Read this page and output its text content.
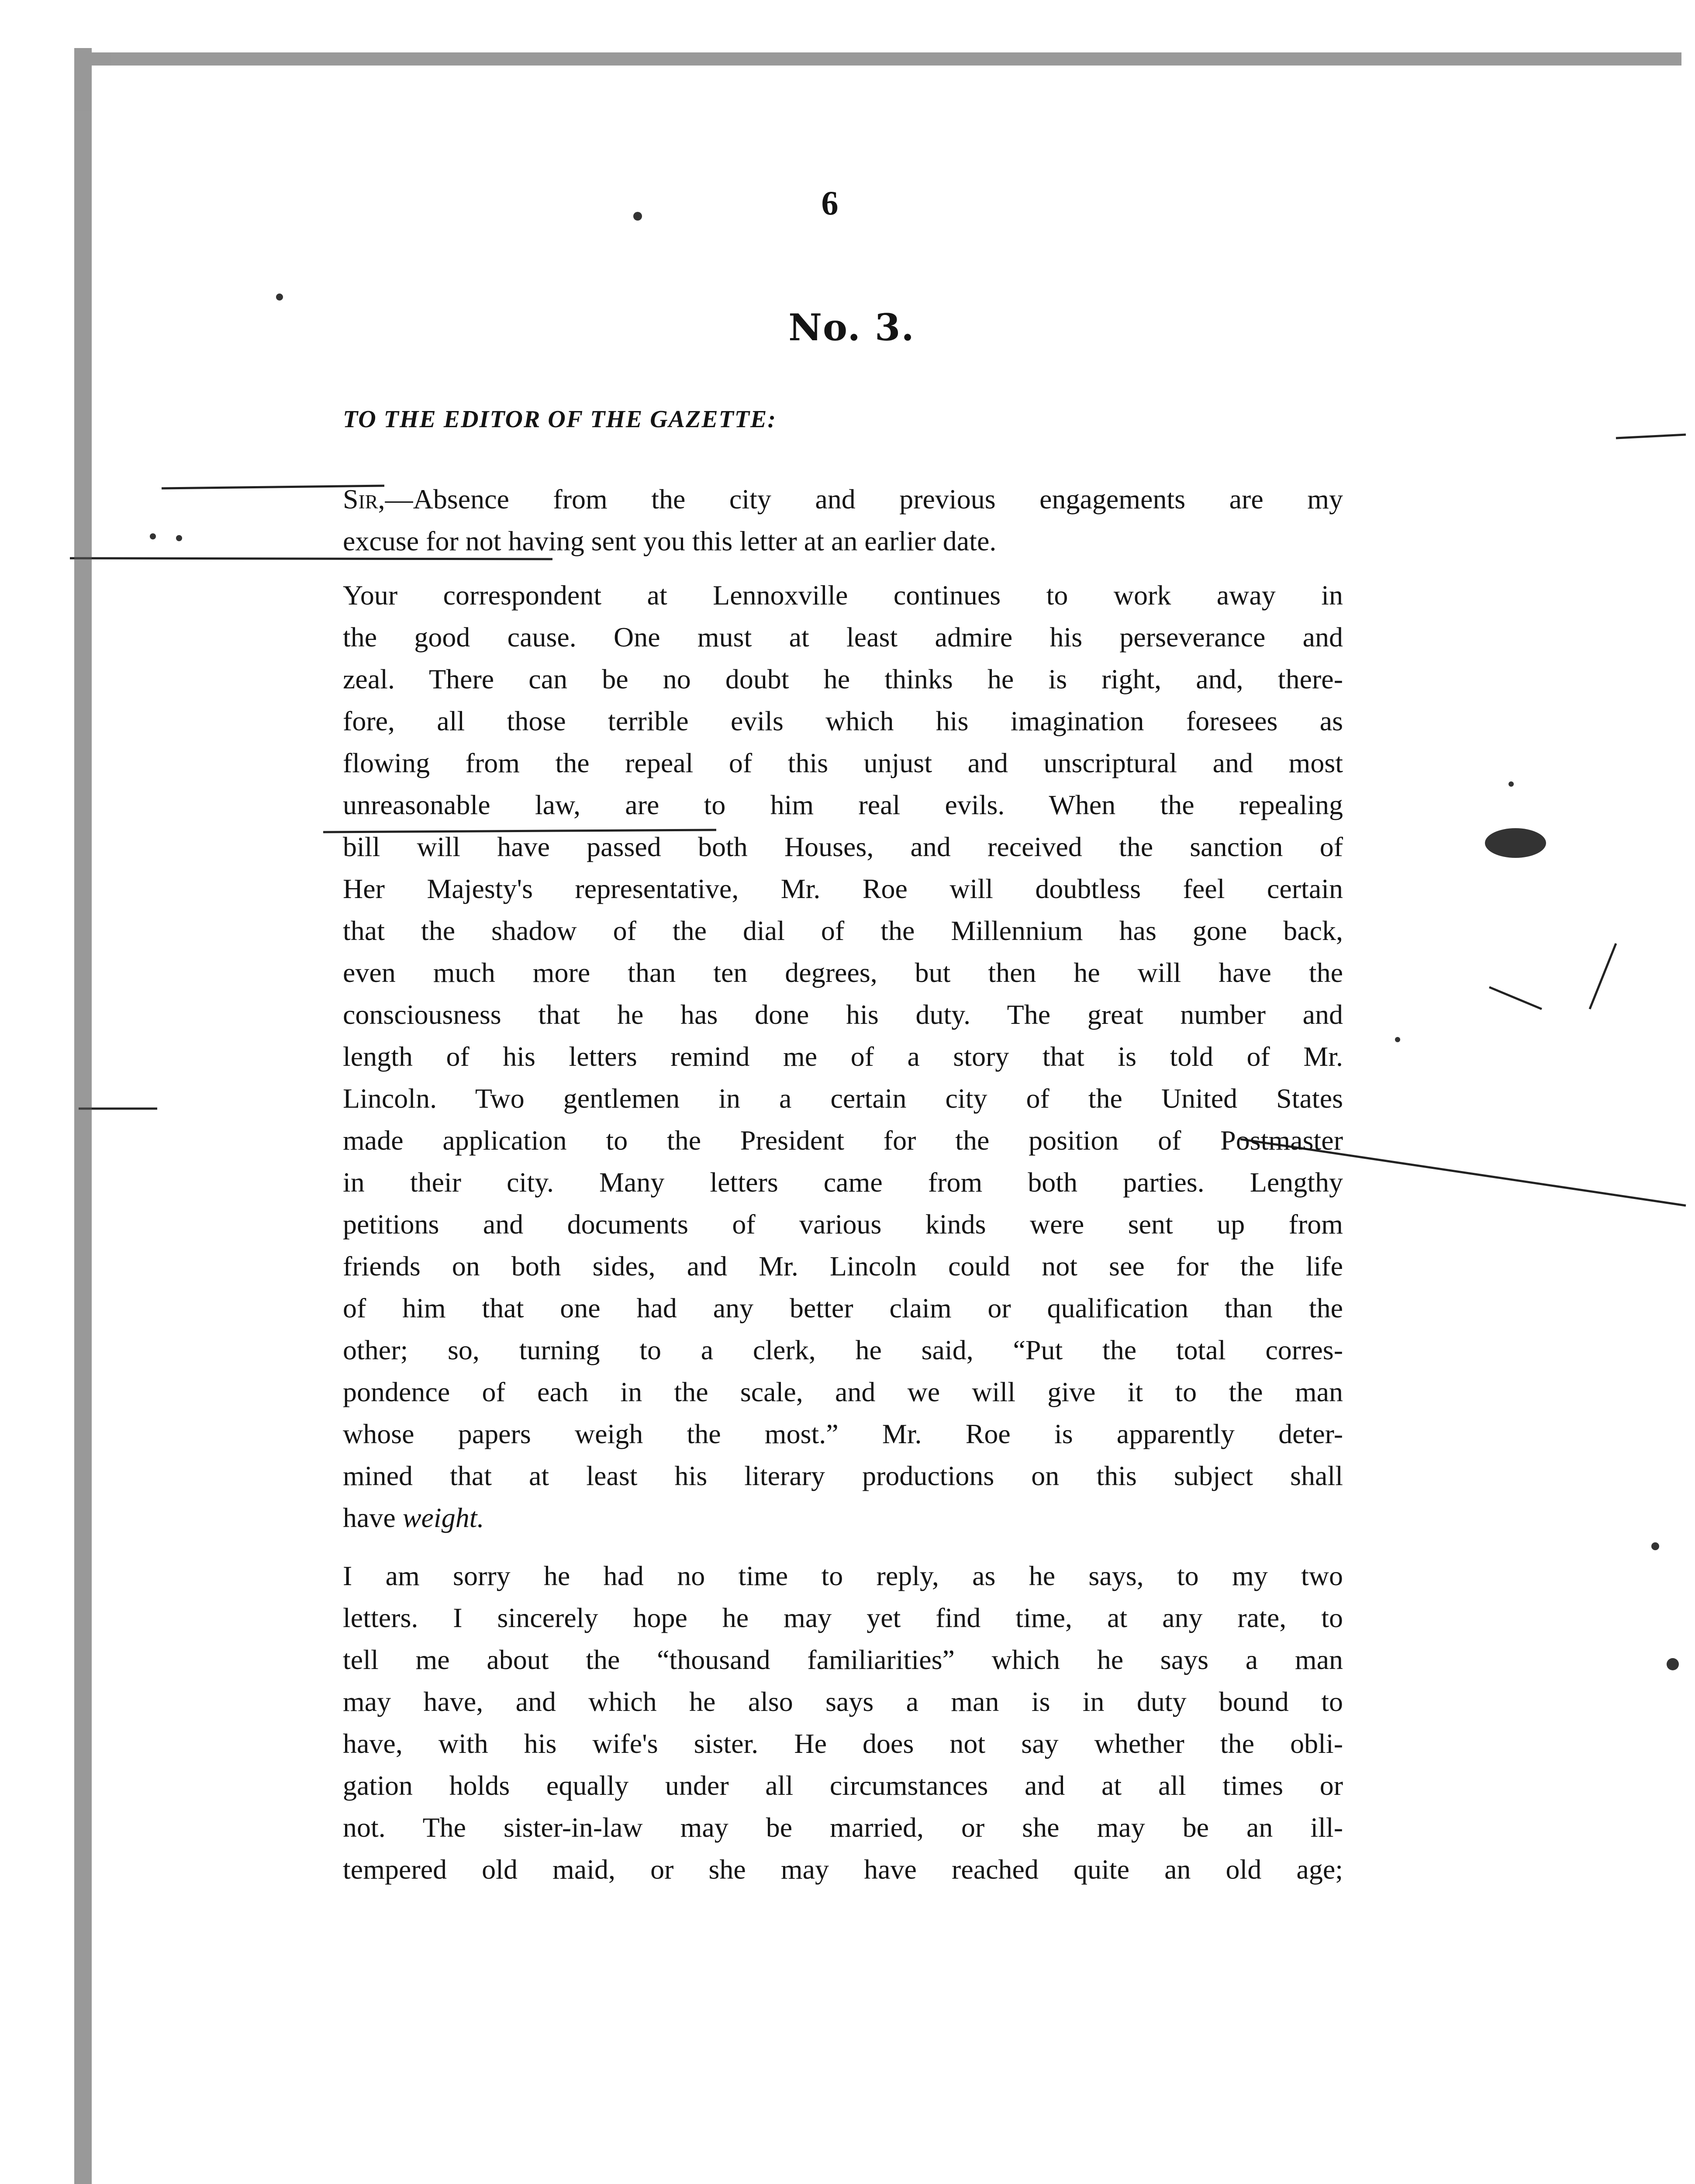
6
No. 3.
TO THE EDITOR OF THE GAZETTE:
Sir,—Absence from the city and previous engagements are my
excuse for not having sent you this letter at an earlier date.
Your correspondent at Lennoxville continues to work away in
the good cause. One must at least admire his perseverance and
zeal. There can be no doubt he thinks he is right, and, there-
fore, all those terrible evils which his imagination foresees as
flowing from the repeal of this unjust and unscriptural and most
unreasonable law, are to him real evils. When the repealing
bill will have passed both Houses, and received the sanction of
Her Majesty's representative, Mr. Roe will doubtless feel certain
that the shadow of the dial of the Millennium has gone back,
even much more than ten degrees, but then he will have the
consciousness that he has done his duty. The great number and
length of his letters remind me of a story that is told of Mr.
Lincoln. Two gentlemen in a certain city of the United States
made application to the President for the position of Postmaster
in their city. Many letters came from both parties. Lengthy
petitions and documents of various kinds were sent up from
friends on both sides, and Mr. Lincoln could not see for the life
of him that one had any better claim or qualification than the
other; so, turning to a clerk, he said, “Put the total corres-
pondence of each in the scale, and we will give it to the man
whose papers weigh the most.” Mr. Roe is apparently deter-
mined that at least his literary productions on this subject shall
have weight.
I am sorry he had no time to reply, as he says, to my two
letters. I sincerely hope he may yet find time, at any rate, to
tell me about the “thousand familiarities” which he says a man
may have, and which he also says a man is in duty bound to
have, with his wife's sister. He does not say whether the obli-
gation holds equally under all circumstances and at all times or
not. The sister-in-law may be married, or she may be an ill-
tempered old maid, or she may have reached quite an old age;
